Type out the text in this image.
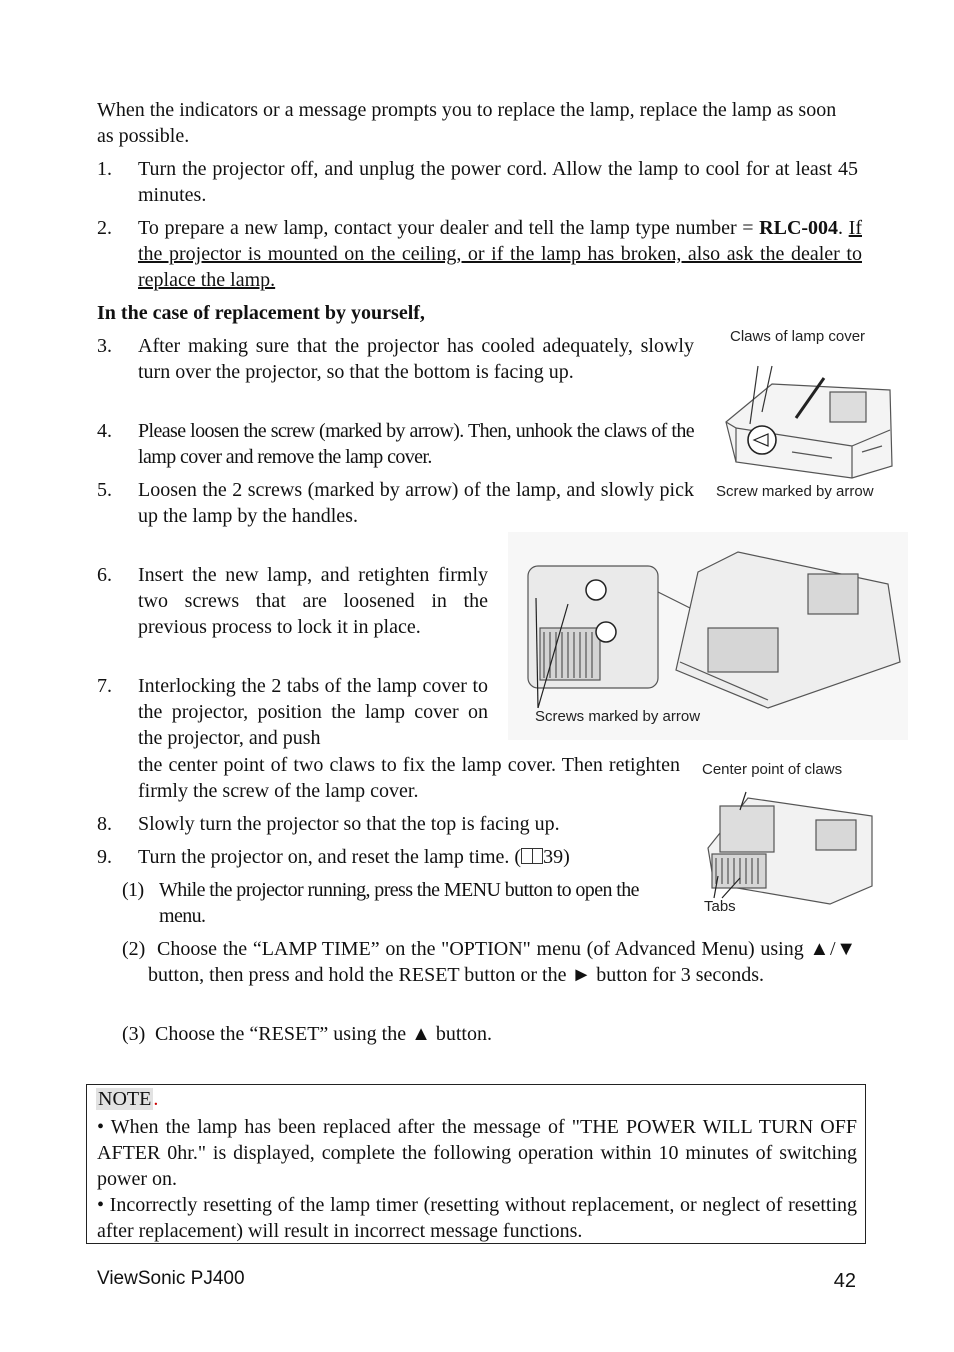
When the indicators or a message prompts you to replace the lamp, replace the lamp as soon as possible.

1. Turn the projector off, and unplug the power cord. Allow the lamp to cool for at least 45 minutes.

2. To prepare a new lamp, contact your dealer and tell the lamp type number = RLC-004. If the projector is mounted on the ceiling, or if the lamp has broken, also ask the dealer to replace the lamp.

In the case of replacement by yourself,

Claws of lamp cover
Screw marked by arrow
3. After making sure that the projector has cooled adequately, slowly turn over the projector, so that the bottom is facing up.

4. Please loosen the screw (marked by arrow). Then, unhook the claws of the lamp cover and remove the lamp cover.

5. Loosen the 2 screws (marked by arrow) of the lamp, and slowly pick up the lamp by the handles.

Screws marked by arrow
6. Insert the new lamp, and retighten firmly two screws that are loosened in the previous process to lock it in place.

7. Interlocking the 2 tabs of the lamp cover to the projector, position the lamp cover on the projector, and push

the center point of two claws to fix the lamp cover. Then retighten firmly the screw of the lamp cover.

Center point of claws
Tabs
8. Slowly turn the projector so that the top is facing up.

9. Turn the projector on, and reset the lamp time. ( 39)

(1) While the projector running, press the MENU button to open the menu.

(2) Choose the “LAMP TIME” on the "OPTION" menu (of Advanced Menu) using ▲/▼ button, then press and hold the RESET button or the ► button for 3 seconds.

(3) Choose the “RESET” using the ▲ button.

NOTE .

• When the lamp has been replaced after the message of "THE POWER WILL TURN OFF AFTER 0hr." is displayed, complete the following operation within 10 minutes of switching power on.

• Incorrectly resetting of the lamp timer (resetting without replacement, or neglect of resetting after replacement) will result in incorrect message functions.

ViewSonic PJ400	42
